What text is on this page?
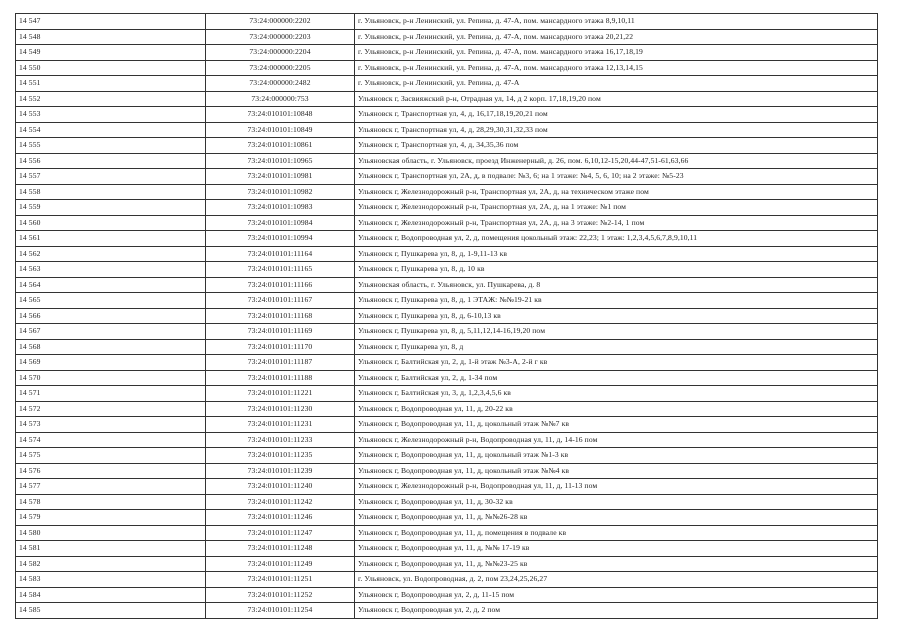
14 547	73:24:000000:2202	г. Ульяновск, р-н Ленинский, ул. Репина, д. 47-А, пом. мансардного этажа 8,9,10,11
14 548	73:24:000000:2203	г. Ульяновск, р-н Ленинский, ул. Репина, д. 47-А, пом. мансардного этажа 20,21,22
14 549	73:24:000000:2204	г. Ульяновск, р-н Ленинский, ул. Репина, д. 47-А, пом. мансардного этажа 16,17,18,19
14 550	73:24:000000:2205	г. Ульяновск, р-н Ленинский, ул. Репина, д. 47-А, пом. мансардного этажа 12,13,14,15
14 551	73:24:000000:2482	г. Ульяновск, р-н Ленинский, ул. Репина, д. 47-А
14 552	73:24:000000:753	Ульяновск г, Засвияжский р-н, Отрадная ул, 14, д 2 корп. 17,18,19,20 пом
14 553	73:24:010101:10848	Ульяновск г, Транспортная ул, 4, д, 16,17,18,19,20,21 пом
14 554	73:24:010101:10849	Ульяновск г, Транспортная ул, 4, д, 28,29,30,31,32,33 пом
14 555	73:24:010101:10861	Ульяновск г, Транспортная ул, 4, д, 34,35,36 пом
14 556	73:24:010101:10965	Ульяновская область, г. Ульяновск, проезд Инженерный, д. 26, пом. 6,10,12-15,20,44-47,51-61,63,66
14 557	73:24:010101:10981	Ульяновск г, Транспортная ул, 2А, д, в подвале: №3, 6; на 1 этаже: №4, 5, 6, 10; на 2 этаже: №5-23
14 558	73:24:010101:10982	Ульяновск г, Железнодорожный р-н, Транспортная ул, 2А, д, на техническом этаже пом
14 559	73:24:010101:10983	Ульяновск г, Железнодорожный р-н, Транспортная ул, 2А, д, на 1 этаже: №1 пом
14 560	73:24:010101:10984	Ульяновск г, Железнодорожный р-н, Транспортная ул, 2А, д, на 3 этаже: №2-14, 1 пом
14 561	73:24:010101:10994	Ульяновск г, Водопроводная ул, 2, д, помещения цокольный этаж: 22,23; 1 этаж: 1,2,3,4,5,6,7,8,9,10,11
14 562	73:24:010101:11164	Ульяновск г, Пушкарева ул, 8, д, 1-9,11-13 кв
14 563	73:24:010101:11165	Ульяновск г, Пушкарева ул, 8, д, 10 кв
14 564	73:24:010101:11166	Ульяновская область, г. Ульяновск, ул. Пушкарева, д. 8
14 565	73:24:010101:11167	Ульяновск г, Пушкарева ул, 8, д, 1 ЭТАЖ: №№19-21 кв
14 566	73:24:010101:11168	Ульяновск г, Пушкарева ул, 8, д, 6-10,13 кв
14 567	73:24:010101:11169	Ульяновск г, Пушкарева ул, 8, д, 5,11,12,14-16,19,20 пом
14 568	73:24:010101:11170	Ульяновск г, Пушкарева ул, 8, д
14 569	73:24:010101:11187	Ульяновск г, Балтийская ул, 2, д, 1-й этаж №3-А, 2-й г кв
14 570	73:24:010101:11188	Ульяновск г, Балтийская ул, 2, д, 1-34 пом
14 571	73:24:010101:11221	Ульяновск г, Балтийская ул, 3, д, 1,2,3,4,5,6 кв
14 572	73:24:010101:11230	Ульяновск г, Водопроводная ул, 11, д, 20-22 кв
14 573	73:24:010101:11231	Ульяновск г, Водопроводная ул, 11, д, цокольный этаж №№7 кв
14 574	73:24:010101:11233	Ульяновск г, Железнодорожный р-н, Водопроводная ул, 11, д, 14-16 пом
14 575	73:24:010101:11235	Ульяновск г, Водопроводная ул, 11, д, цокольный этаж №1-3 кв
14 576	73:24:010101:11239	Ульяновск г, Водопроводная ул, 11, д, цокольный этаж №№4 кв
14 577	73:24:010101:11240	Ульяновск г, Железнодорожный р-н, Водопроводная ул, 11, д, 11-13 пом
14 578	73:24:010101:11242	Ульяновск г, Водопроводная ул, 11, д, 30-32 кв
14 579	73:24:010101:11246	Ульяновск г, Водопроводная ул, 11, д, №№26-28 кв
14 580	73:24:010101:11247	Ульяновск г, Водопроводная ул, 11, д, помещения в подвале кв
14 581	73:24:010101:11248	Ульяновск г, Водопроводная ул, 11, д, №№ 17-19 кв
14 582	73:24:010101:11249	Ульяновск г, Водопроводная ул, 11, д, №№23-25 кв
14 583	73:24:010101:11251	г. Ульяновск, ул. Водопроводная, д. 2, пом 23,24,25,26,27
14 584	73:24:010101:11252	Ульяновск г, Водопроводная ул, 2, д, 11-15 пом
14 585	73:24:010101:11254	Ульяновск г, Водопроводная ул, 2, д, 2 пом
